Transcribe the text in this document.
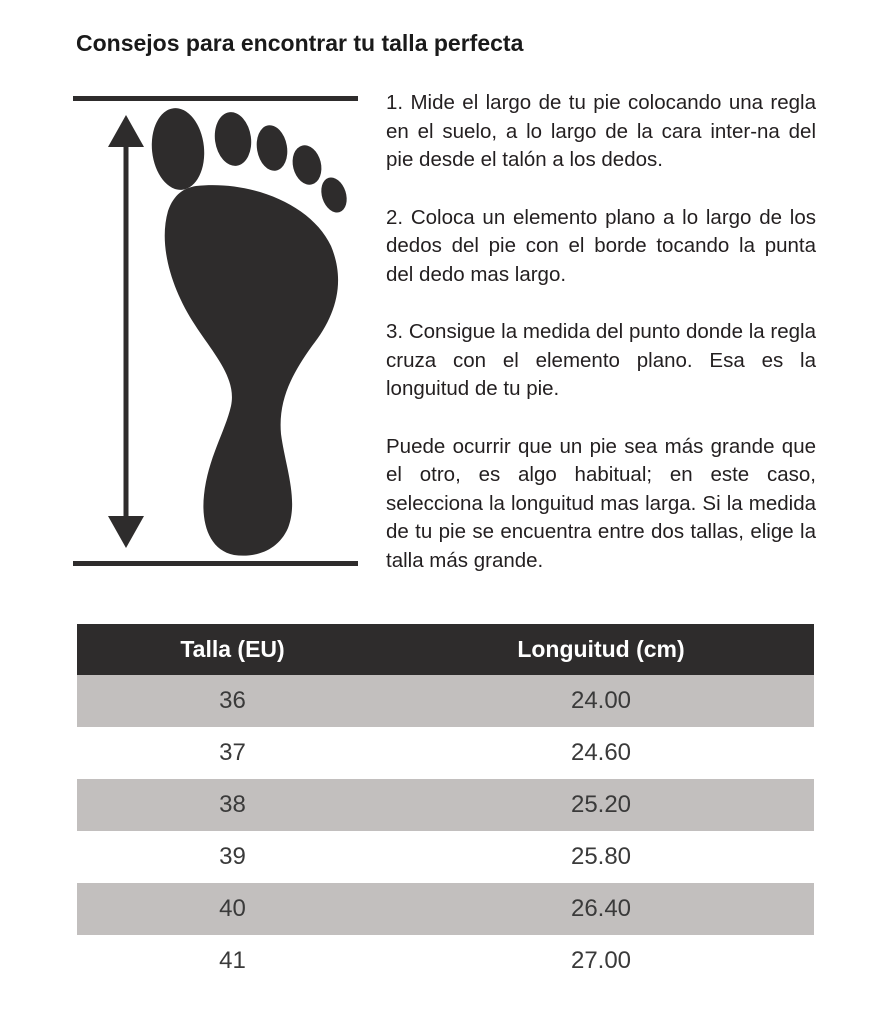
Consejos para encontrar tu talla perfecta

1. Mide el largo de tu pie colocando una regla en el suelo, a lo largo de la cara inter-na del pie desde el talón a los dedos.

2. Coloca un elemento plano a lo largo de los dedos del pie con el borde tocando la punta del dedo mas largo.

3. Consigue la medida del punto donde la regla cruza con el elemento plano. Esa es la longuitud de tu pie.

Puede ocurrir que un pie sea más grande que el otro, es algo habitual; en este caso, selecciona la longuitud mas larga. Si la medida de tu pie se encuentra entre dos tallas, elige la talla más grande.

Talla (EU)	Longuitud (cm)
36	24.00
37	24.60
38	25.20
39	25.80
40	26.40
41	27.00
